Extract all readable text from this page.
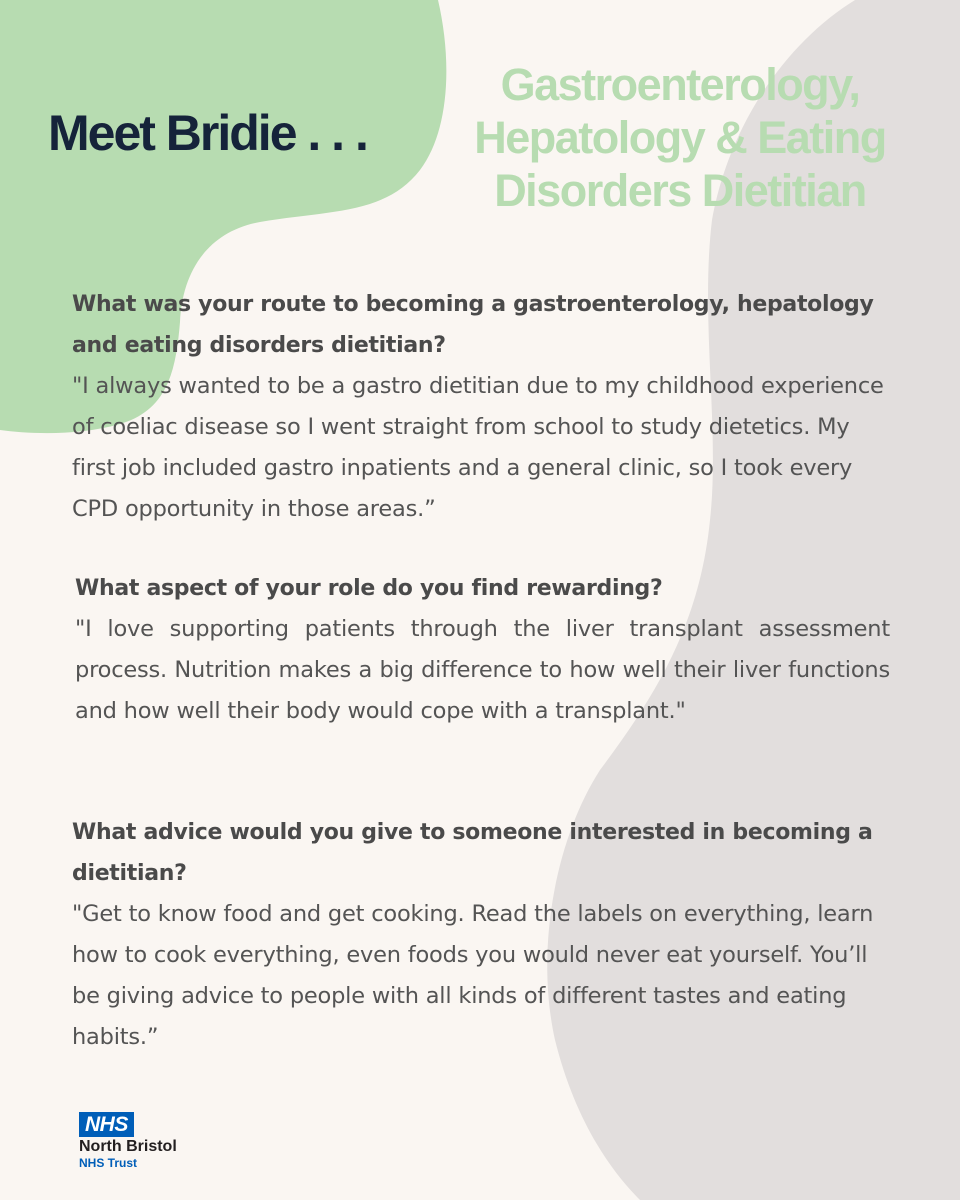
Meet Bridie . . .
Gastroenterology,
Hepatology & Eating
Disorders Dietitian
What was your route to becoming a gastroenterology, hepatology and eating disorders dietitian?
"I always wanted to be a gastro dietitian due to my childhood experience of coeliac disease so I went straight from school to study dietetics. My first job included gastro inpatients and a general clinic, so I took every CPD opportunity in those areas.”
What aspect of your role do you find rewarding?
"I love supporting patients through the liver transplant assessment process. Nutrition makes a big difference to how well their liver functions and how well their body would cope with a transplant."
What advice would you give to someone interested in becoming a dietitian?
"Get to know food and get cooking. Read the labels on everything, learn how to cook everything, even foods you would never eat yourself. You’ll be giving advice to people with all kinds of different tastes and eating habits.”
NHS
North Bristol
NHS Trust
